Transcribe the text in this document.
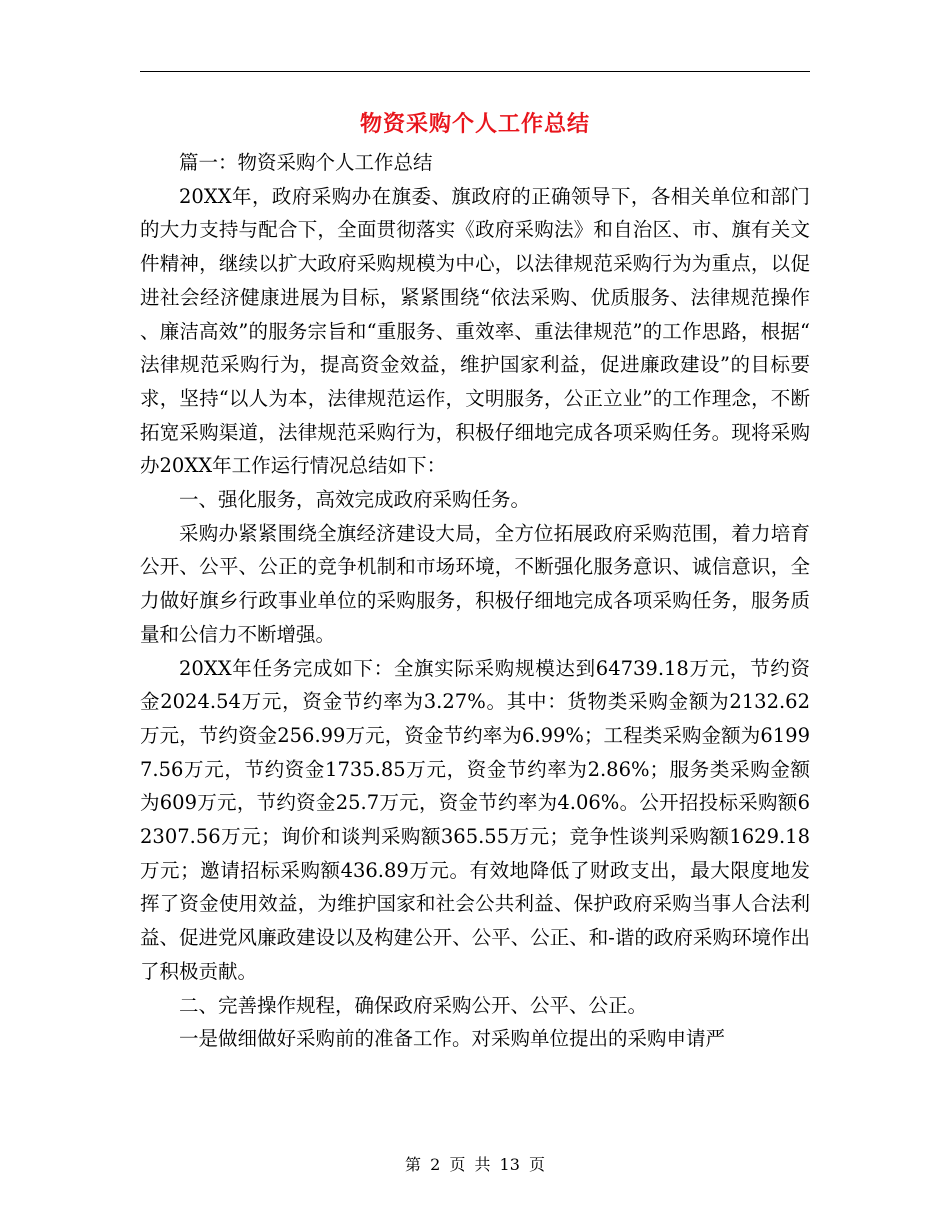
物资采购个人工作总结

篇一：物资采购个人工作总结

20XX年，政府采购办在旗委、旗政府的正确领导下，各相关单位和部门的大力支持与配合下，全面贯彻落实《政府采购法》和自治区、市、旗有关文件精神，继续以扩大政府采购规模为中心，以法律规范采购行为为重点，以促进社会经济健康进展为目标，紧紧围绕“依法采购、优质服务、法律规范操作、廉洁高效”的服务宗旨和“重服务、重效率、重法律规范”的工作思路，根据“法律规范采购行为，提高资金效益，维护国家利益，促进廉政建设”的目标要求，坚持“以人为本，法律规范运作，文明服务，公正立业”的工作理念，不断拓宽采购渠道，法律规范采购行为，积极仔细地完成各项采购任务。现将采购办20XX年工作运行情况总结如下：

一、强化服务，高效完成政府采购任务。

采购办紧紧围绕全旗经济建设大局，全方位拓展政府采购范围，着力培育公开、公平、公正的竞争机制和市场环境，不断强化服务意识、诚信意识，全力做好旗乡行政事业单位的采购服务，积极仔细地完成各项采购任务，服务质量和公信力不断增强。

20XX年任务完成如下：全旗实际采购规模达到64739.18万元，节约资金2024.54万元，资金节约率为3.27%。其中：货物类采购金额为2132.62万元，节约资金256.99万元，资金节约率为6.99%；工程类采购金额为61997.56万元，节约资金1735.85万元，资金节约率为2.86%；服务类采购金额为609万元，节约资金25.7万元，资金节约率为4.06%。公开招投标采购额62307.56万元；询价和谈判采购额365.55万元；竞争性谈判采购额1629.18万元；邀请招标采购额436.89万元。有效地降低了财政支出，最大限度地发挥了资金使用效益，为维护国家和社会公共利益、保护政府采购当事人合法利益、促进党风廉政建设以及构建公开、公平、公正、和-谐的政府采购环境作出了积极贡献。

二、完善操作规程，确保政府采购公开、公平、公正。

一是做细做好采购前的准备工作。对采购单位提出的采购申请严

第 2 页 共 13 页
